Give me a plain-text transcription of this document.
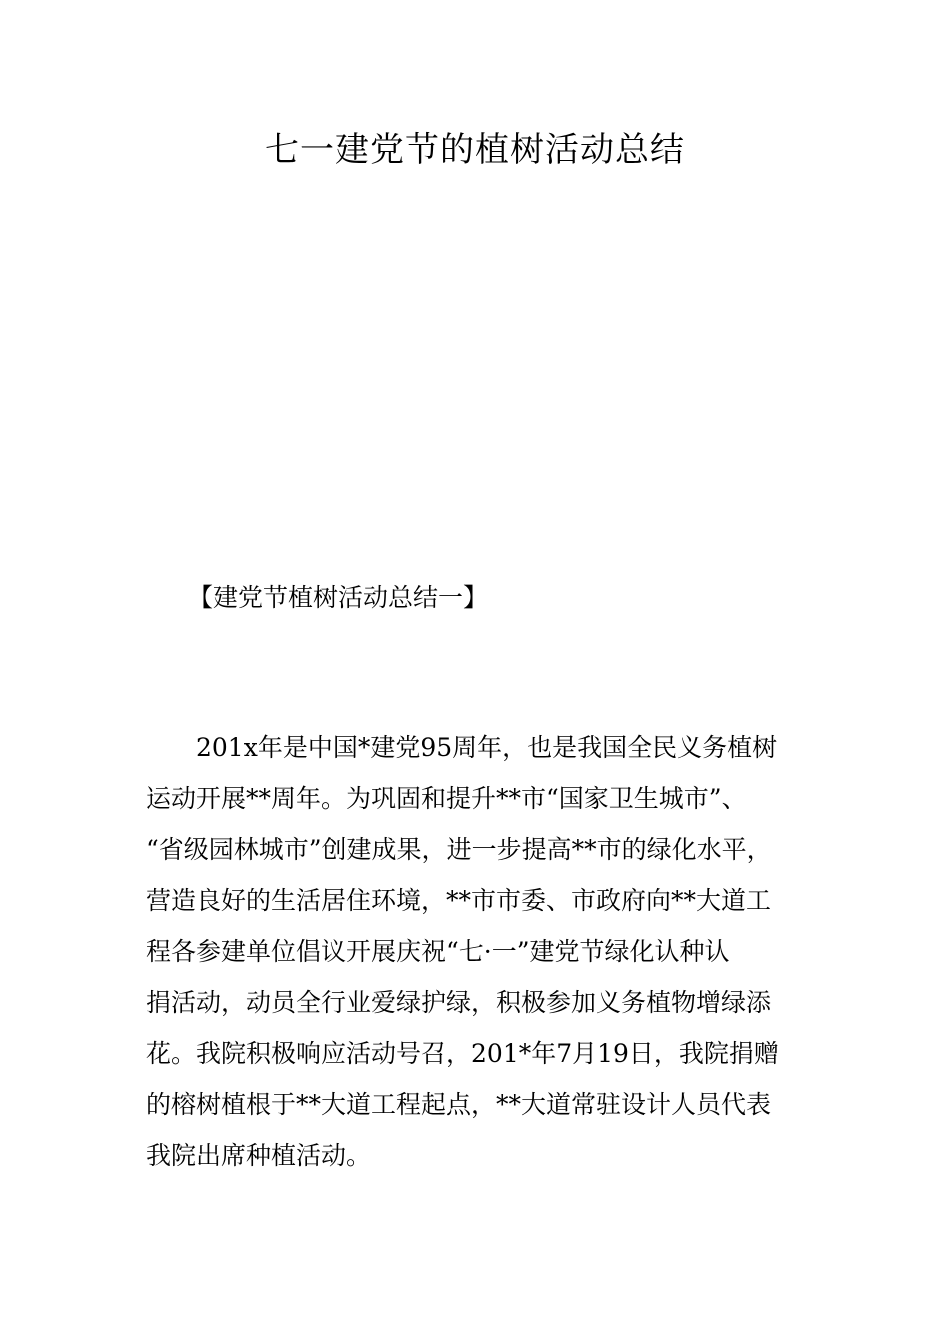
七一建党节的植树活动总结
【建党节植树活动总结一】
　　201x年是中国*建党95周年，也是我国全民义务植树
运动开展**周年。为巩固和提升**市“国家卫生城市”、
“省级园林城市”创建成果，进一步提高**市的绿化水平，
营造良好的生活居住环境，**市市委、市政府向**大道工
程各参建单位倡议开展庆祝“七·一”建党节绿化认种认
捐活动，动员全行业爱绿护绿，积极参加义务植物增绿添
花。我院积极响应活动号召，201*年7月19日，我院捐赠
的榕树植根于**大道工程起点，**大道常驻设计人员代表
我院出席种植活动。
